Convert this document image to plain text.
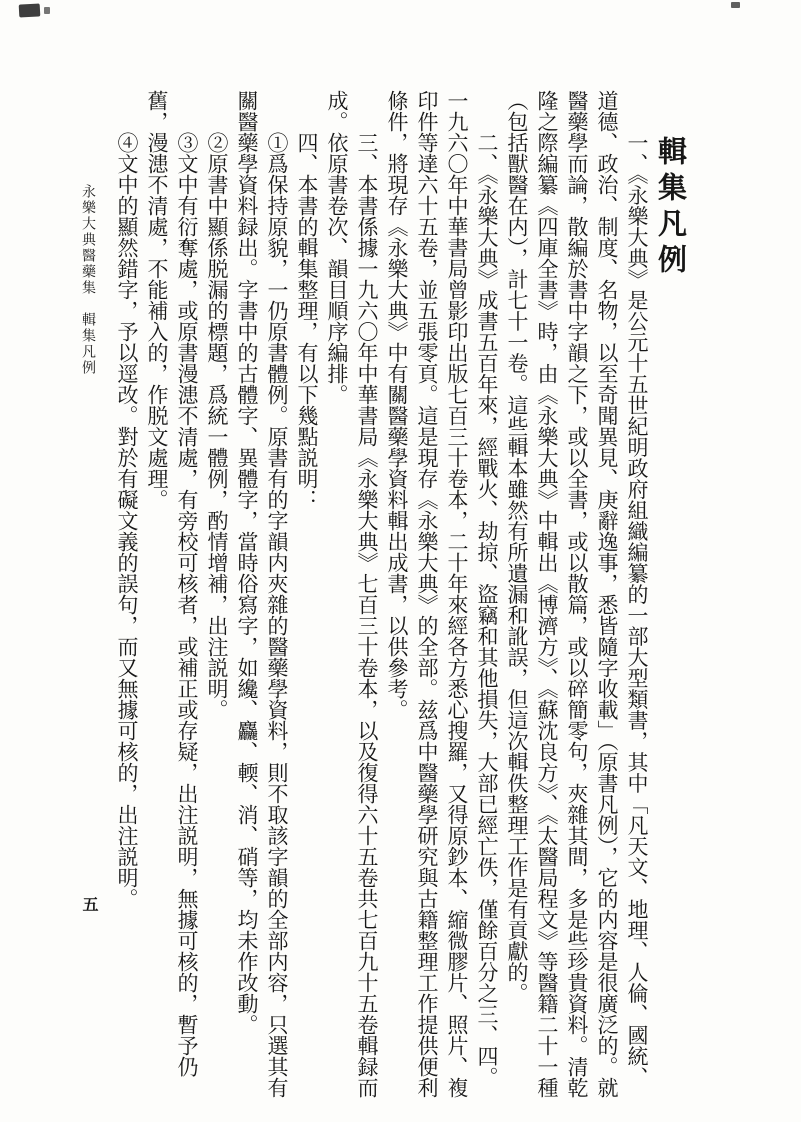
永樂大典醫藥集　輯集凡例
五
輯集凡例

一、《永樂大典》是公元十五世紀明政府組織編纂的一部大型類書，其中「凡天文、地理、人倫、國統、道德、政治、制度、名物，以至奇聞異見、庚辭逸事，悉皆隨字收載」（原書凡例），它的内容是很廣泛的。就醫藥學而論，散編於書中字韻之下，或以全書，或以散篇，或以碎簡零句，夾雜其間，多是些珍貴資料。清乾隆之際編纂《四庫全書》時，由《永樂大典》中輯出《博濟方》、《蘇沈良方》、《太醫局程文》等醫籍二十一種（包括獸醫在内），計七十一卷。這些輯本雖然有所遺漏和訛誤，但這次輯佚整理工作是有貢獻的。

二、《永樂大典》成書五百年來，經戰火、劫掠、盜竊和其他損失，大部已經亡佚，僅餘百分之三、四。一九六〇年中華書局曾影印出版七百三十卷本，二十年來經各方悉心搜羅，又得原鈔本、縮微膠片、照片、複印件等達六十五卷，並五張零頁。這是現存《永樂大典》的全部。兹爲中醫藥學研究與古籍整理工作提供便利條件，將現存《永樂大典》中有關醫藥學資料輯出成書，以供參考。

三、本書係據一九六〇年中華書局《永樂大典》七百三十卷本，以及復得六十五卷共七百九十五卷輯録而成。依原書卷次、韻目順序編排。

四、本書的輯集整理，有以下幾點説明：

①爲保持原貌，一仍原書體例。原書有的字韻内夾雜的醫藥學資料，則不取該字韻的全部内容，只選其有關醫藥學資料録出。字書中的古體字、異體字，當時俗寫字，如纔、麤、輭、消、硝等，均未作改動。

②原書中顯係脱漏的標題，爲統一體例，酌情增補，出注説明。

③文中有衍奪處，或原書漫漶不清處，有旁校可核者，或補正或存疑，出注説明，無據可核的，暫予仍舊，漫漶不清處，不能補入的，作脱文處理。

④文中的顯然錯字，予以逕改。對於有礙文義的誤句，而又無據可核的，出注説明。
